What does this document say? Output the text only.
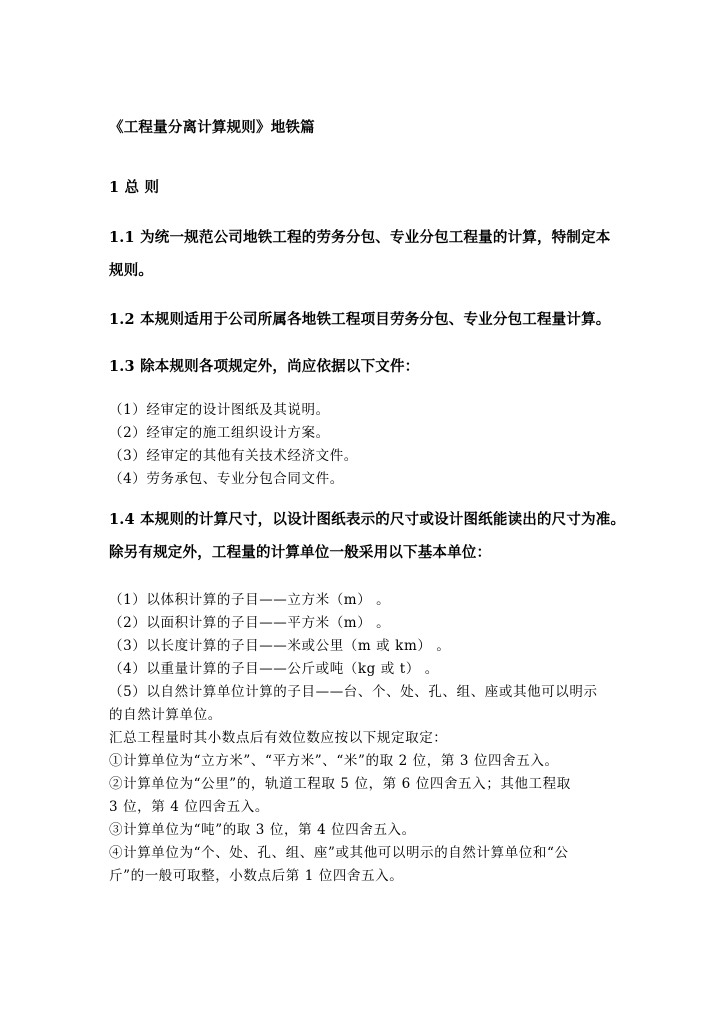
《工程量分离计算规则》地铁篇
1 总 则
1.1 为统一规范公司地铁工程的劳务分包、专业分包工程量的计算，特制定本
规则。
1.2 本规则适用于公司所属各地铁工程项目劳务分包、专业分包工程量计算。
1.3 除本规则各项规定外，尚应依据以下文件：
（1）经审定的设计图纸及其说明。
（2）经审定的施工组织设计方案。
（3）经审定的其他有关技术经济文件。
（4）劳务承包、专业分包合同文件。
1.4 本规则的计算尺寸，以设计图纸表示的尺寸或设计图纸能读出的尺寸为准。
除另有规定外，工程量的计算单位一般采用以下基本单位：
（1）以体积计算的子目——立方米（m） 。
（2）以面积计算的子目——平方米（m） 。
（3）以长度计算的子目——米或公里（m 或 km） 。
（4）以重量计算的子目——公斤或吨（kg 或 t） 。
（5）以自然计算单位计算的子目——台、个、处、孔、组、座或其他可以明示
的自然计算单位。
汇总工程量时其小数点后有效位数应按以下规定取定：
①计算单位为“立方米”、“平方米”、“米”的取 2 位，第 3 位四舍五入。
②计算单位为“公里”的，轨道工程取 5 位，第 6 位四舍五入；其他工程取
3 位，第 4 位四舍五入。
③计算单位为“吨”的取 3 位，第 4 位四舍五入。
④计算单位为“个、处、孔、组、座”或其他可以明示的自然计算单位和“公
斤”的一般可取整，小数点后第 1 位四舍五入。
